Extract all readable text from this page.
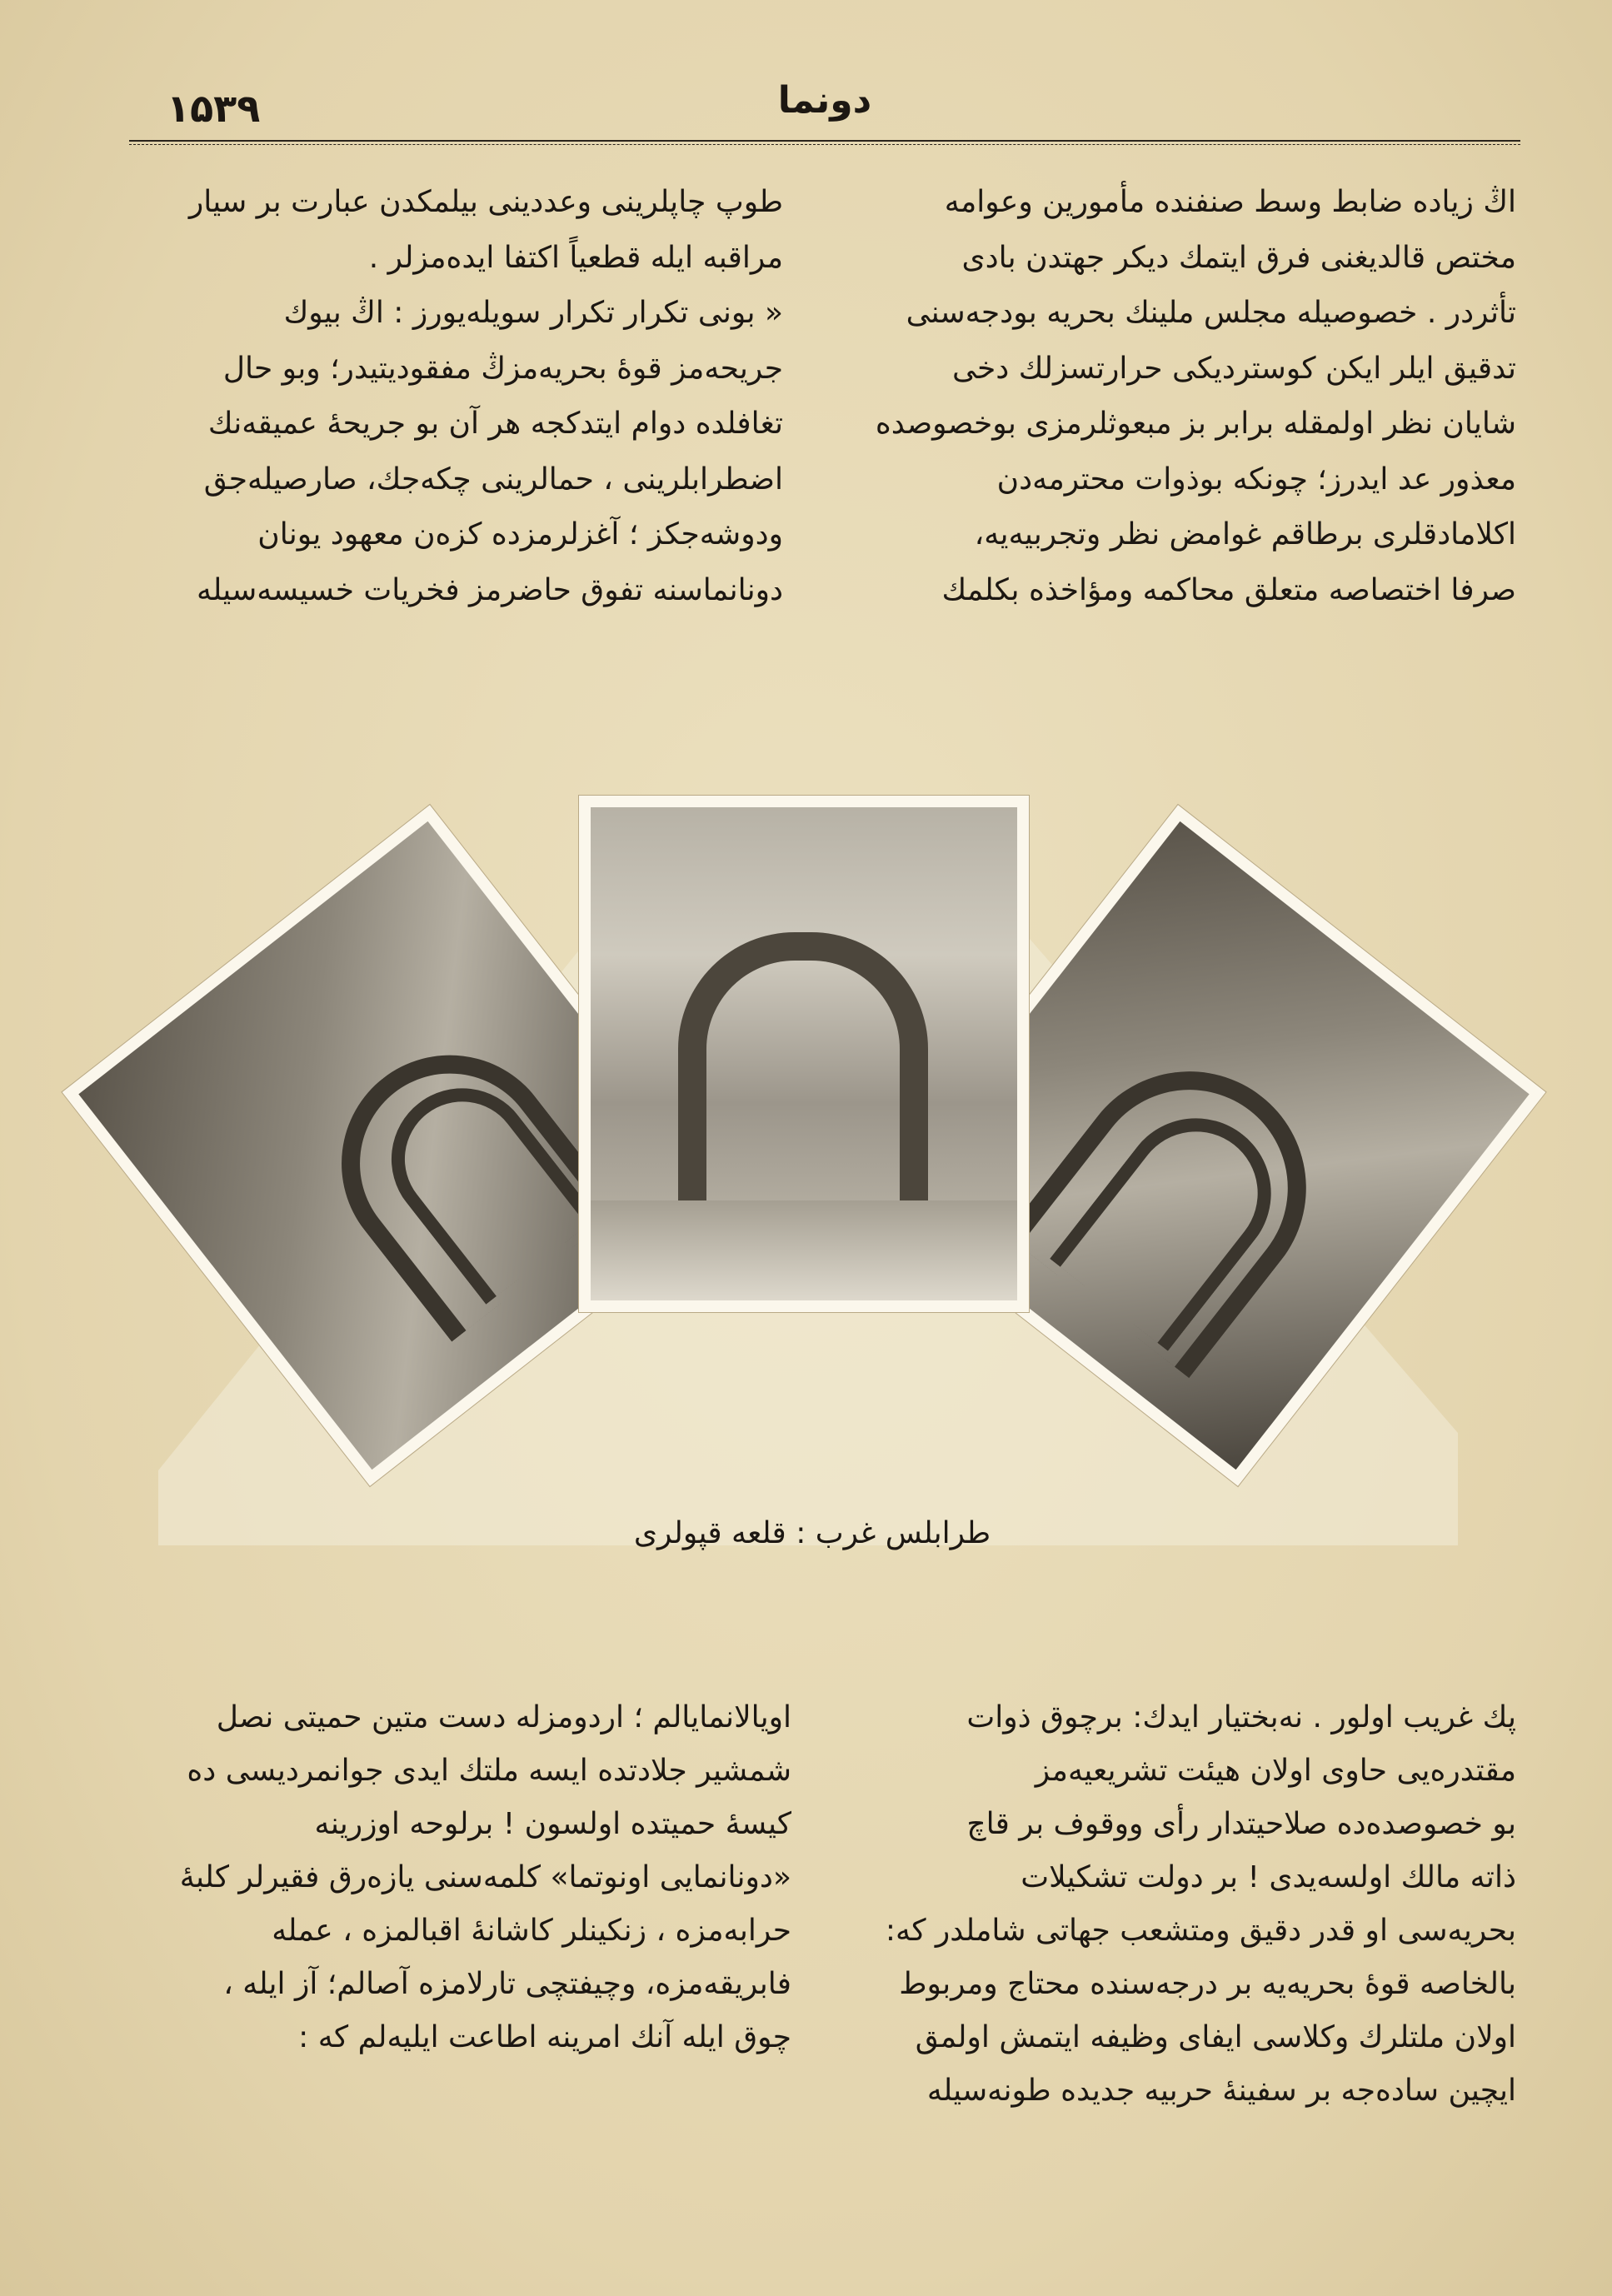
دونما
۱۵۳۹

اڭ زیاده ضابط وسط صنفنده مأمورین وعوامه

مختص قالدیغنی فرق ایتمك دیكر جهتدن بادی

تأثردر . خصوصیله مجلس ملینك بحریه بودجه‌سنی

تدقیق ایلر ایكن كوستردیكی حرارتسزلك دخی

شایان نظر اولمقله برابر بز مبعوثلرمزی بوخصوصده

معذور عد ایدرز؛ چونكه بوذوات محترمه‌دن

اكلامادقلری برطاقم غوامض نظر وتجربیه‌یه،

صرفا اختصاصه متعلق محاكمه ومؤاخذه‌ بكلمك

طوپ چاپلرینی وعددینی بیلمكدن عبارت بر سیار

مراقبه ایله قطعیاً اكتفا ایده‌مزلر .

« بونی تكرار تكرار سویله‌یورز : اڭ بیوك

جریحه‌مز قوۀ بحریه‌مزڭ مفقودیتیدر؛ وبو حال

تغافلده دوام ایتدكجه هر آن بو جریحۀ عمیقه‌نك

اضطرابلرینی ، حمالرینی چكه‌جك، صارصیله‌جق

ودوشه‌جكز ؛ آغزلرمزده كزه‌ن معهود یونان

دونانماسنه تفوق حاضرمز فخریات خسیسه‌سیله

طرابلس غرب : قلعه قپولری

پك غریب اولور . نه‌بختیار ایدك: برچوق ذوات

مقتدره‌یی حاوی اولان هیئت تشریعیه‌مز

بو خصوصده‌ده صلاحیتدار رأی ووقوف بر قاچ

ذاته مالك اولسه‌یدی ! بر دولت تشكیلات

بحریه‌سی او قدر دقیق ومتشعب جهاتی شاملدر كه:

بالخاصه قوۀ بحریه‌یه بر درجه‌سنده محتاج ومربوط

اولان ملتلرك وكلاسی ایفای وظیفه ایتمش اولمق

ایچین ساده‌جه بر سفینۀ حربیه جدیده طونه‌سیله

اویالانمایالم ؛ اردومزله دست متین حمیتی نصل

شمشیر جلادتده‌ ایسه ملتك ایدی جوانمردیسی ده

كیسۀ حمیتده اولسون ! برلوحه اوزرینه

«دونانمایی اونوتما» كلمه‌سنی یازه‌رق فقیرلر كلبۀ

حرابه‌مزه ، زنكینلر كاشانۀ اقبالمزه ، عمله

فابریقه‌مزه، وچیفتچی تارلامزه آصالم؛ آز ایله ،

چوق ایله آنك امرینه اطاعت ایلیه‌لم كه :
